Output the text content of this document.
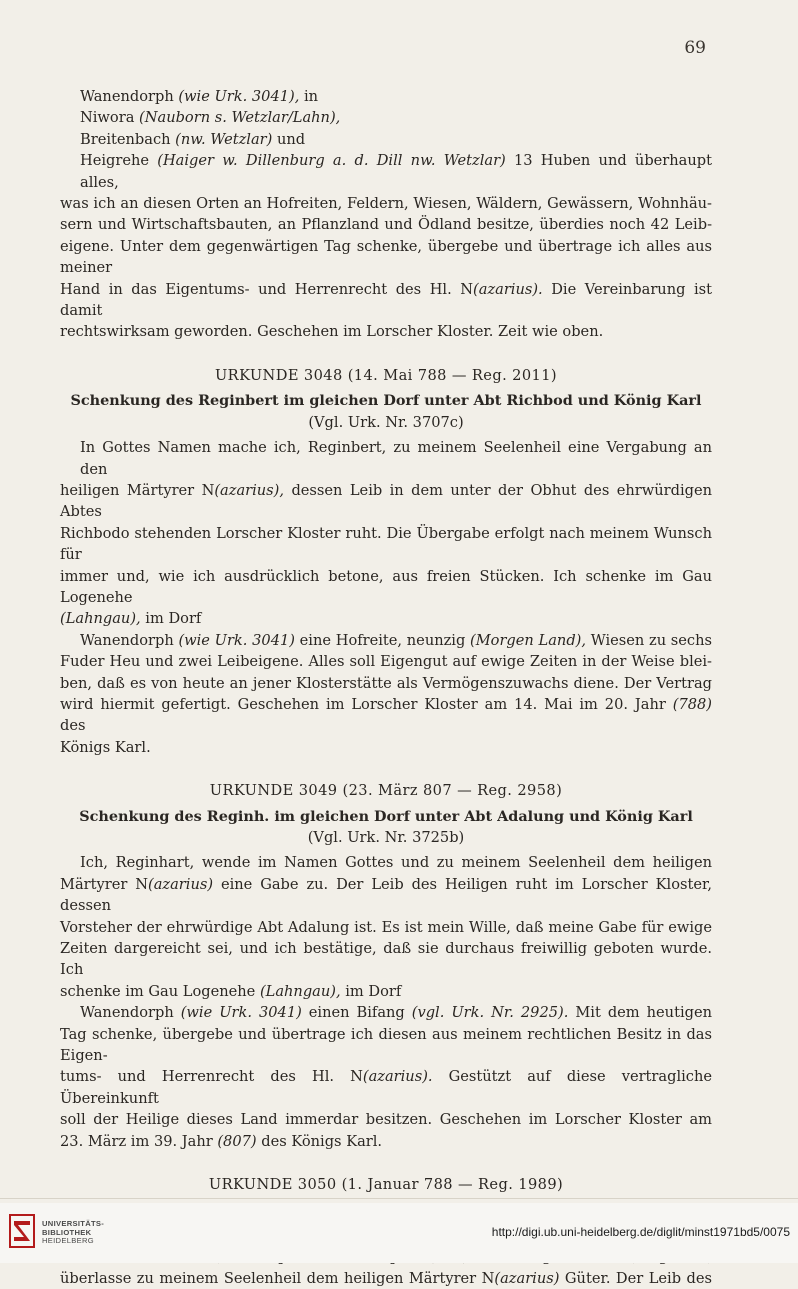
69
Wanendorph (wie Urk. 3041), in
Niwora (Nauborn s. Wetzlar/Lahn),
Breitenbach (nw. Wetzlar) und
Heigrehe (Haiger w. Dillenburg a. d. Dill nw. Wetzlar) 13 Huben und überhaupt alles,
was ich an diesen Orten an Hofreiten, Feldern, Wiesen, Wäldern, Gewässern, Wohnhäu-
sern und Wirtschaftsbauten, an Pflanzland und Ödland besitze, überdies noch 42 Leib-
eigene. Unter dem gegenwärtigen Tag schenke, übergebe und übertrage ich alles aus meiner
Hand in das Eigentums- und Herrenrecht des Hl. N(azarius). Die Vereinbarung ist damit
rechtswirksam geworden. Geschehen im Lorscher Kloster. Zeit wie oben.
URKUNDE 3048 (14. Mai 788 — Reg. 2011)
Schenkung des Reginbert im gleichen Dorf unter Abt Richbod und König Karl
(Vgl. Urk. Nr. 3707c)
In Gottes Namen mache ich, Reginbert, zu meinem Seelenheil eine Vergabung an den
heiligen Märtyrer N(azarius), dessen Leib in dem unter der Obhut des ehrwürdigen Abtes
Richbodo stehenden Lorscher Kloster ruht. Die Übergabe erfolgt nach meinem Wunsch für
immer und, wie ich ausdrücklich betone, aus freien Stücken. Ich schenke im Gau Logenehe
(Lahngau), im Dorf
Wanendorph (wie Urk. 3041) eine Hofreite, neunzig (Morgen Land), Wiesen zu sechs
Fuder Heu und zwei Leibeigene. Alles soll Eigengut auf ewige Zeiten in der Weise blei-
ben, daß es von heute an jener Klosterstätte als Vermögenszuwachs diene. Der Vertrag
wird hiermit gefertigt. Geschehen im Lorscher Kloster am 14. Mai im 20. Jahr (788) des
Königs Karl.
URKUNDE 3049 (23. März 807 — Reg. 2958)
Schenkung des Reginh. im gleichen Dorf unter Abt Adalung und König Karl
(Vgl. Urk. Nr. 3725b)
Ich, Reginhart, wende im Namen Gottes und zu meinem Seelenheil dem heiligen
Märtyrer N(azarius) eine Gabe zu. Der Leib des Heiligen ruht im Lorscher Kloster, dessen
Vorsteher der ehrwürdige Abt Adalung ist. Es ist mein Wille, daß meine Gabe für ewige
Zeiten dargereicht sei, und ich bestätige, daß sie durchaus freiwillig geboten wurde. Ich
schenke im Gau Logenehe (Lahngau), im Dorf
Wanendorph (wie Urk. 3041) einen Bifang (vgl. Urk. Nr. 2925). Mit dem heutigen
Tag schenke, übergebe und übertrage ich diesen aus meinem rechtlichen Besitz in das Eigen-
tums- und Herrenrecht des Hl. N(azarius). Gestützt auf diese vertragliche Übereinkunft
soll der Heilige dieses Land immerdar besitzen. Geschehen im Lorscher Kloster am
23. März im 39. Jahr (807) des Königs Karl.
URKUNDE 3050 (1. Januar 788 — Reg. 1989)
überlasse zu meinem Seelenheil dem heiligen Märtyrer N(azarius) Güter. Der Leib des
UNIVERSITÄTS-
BIBLIOTHEK
HEIDELBERG
http://digi.ub.uni-heidelberg.de/diglit/minst1971bd5/0075
